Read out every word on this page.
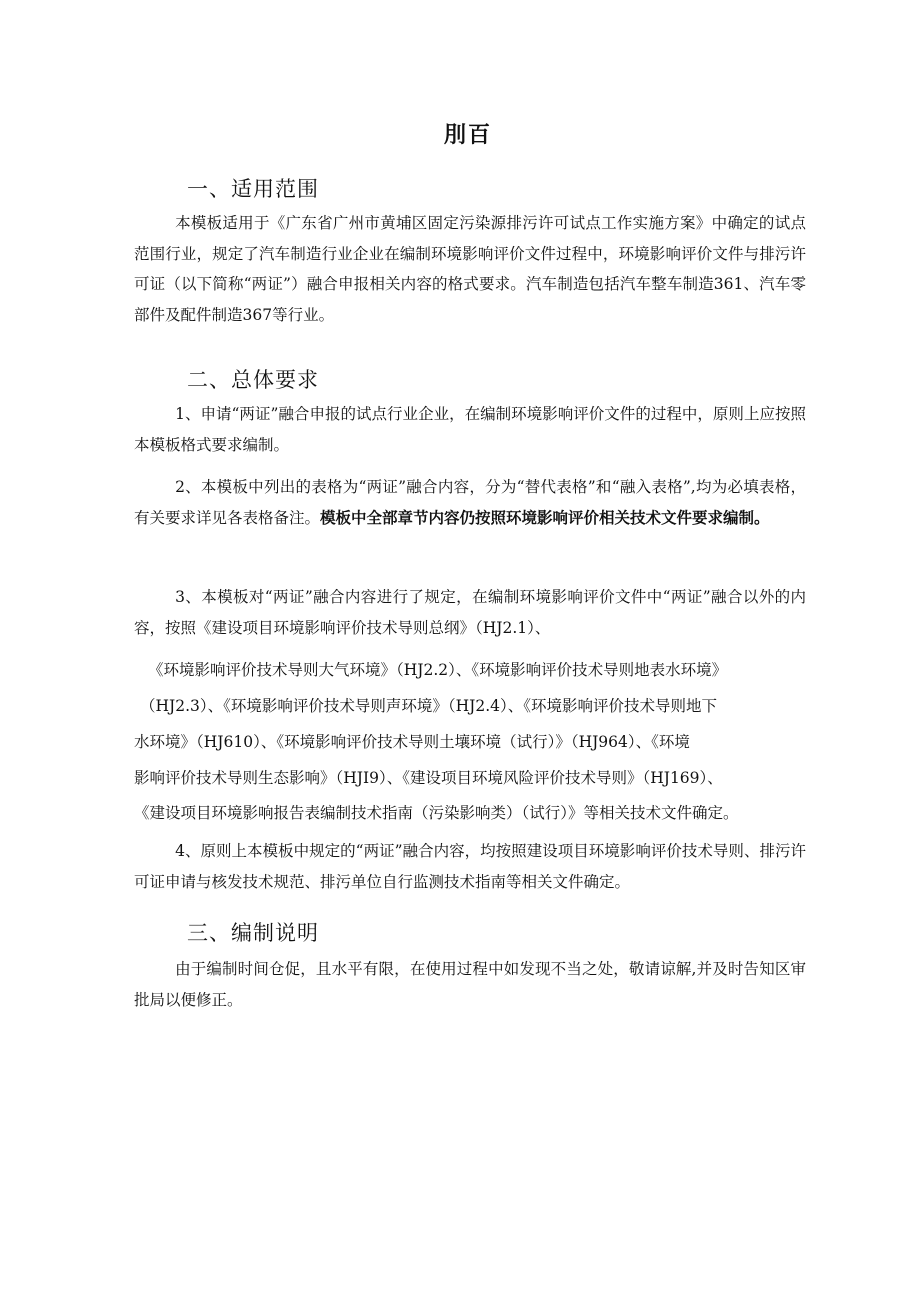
刖百
一、适用范围

本模板适用于《广东省广州市黄埔区固定污染源排污许可试点工作实施方案》中确定的试点范围行业，规定了汽车制造行业企业在编制环境影响评价文件过程中，环境影响评价文件与排污许可证（以下简称“两证”）融合申报相关内容的格式要求。汽车制造包括汽车整车制造361、汽车零部件及配件制造367等行业。

二、总体要求

1、申请“两证”融合申报的试点行业企业，在编制环境影响评价文件的过程中，原则上应按照本模板格式要求编制。

2、本模板中列出的表格为“两证”融合内容，分为“替代表格”和“融入表格”,均为必填表格，有关要求详见各表格备注。模板中全部章节内容仍按照环境影响评价相关技术文件要求编制。

3、本模板对“两证”融合内容进行了规定，在编制环境影响评价文件中“两证”融合以外的内容，按照《建设项目环境影响评价技术导则总纲》（HJ2.1）、

《环境影响评价技术导则大气环境》（HJ2.2）、《环境影响评价技术导则地表水环境》
（HJ2.3）、《环境影响评价技术导则声环境》（HJ2.4）、《环境影响评价技术导则地下
水环境》（HJ610）、《环境影响评价技术导则土壤环境（试行）》（HJ964）、《环境
影响评价技术导则生态影响》（HJI9）、《建设项目环境风险评价技术导则》（HJ169）、
《建设项目环境影响报告表编制技术指南（污染影响类）（试行）》等相关技术文件确定。

4、原则上本模板中规定的“两证”融合内容，均按照建设项目环境影响评价技术导则、排污许可证申请与核发技术规范、排污单位自行监测技术指南等相关文件确定。

三、编制说明

由于编制时间仓促，且水平有限，在使用过程中如发现不当之处，敬请谅解,并及时告知区审批局以便修正。
